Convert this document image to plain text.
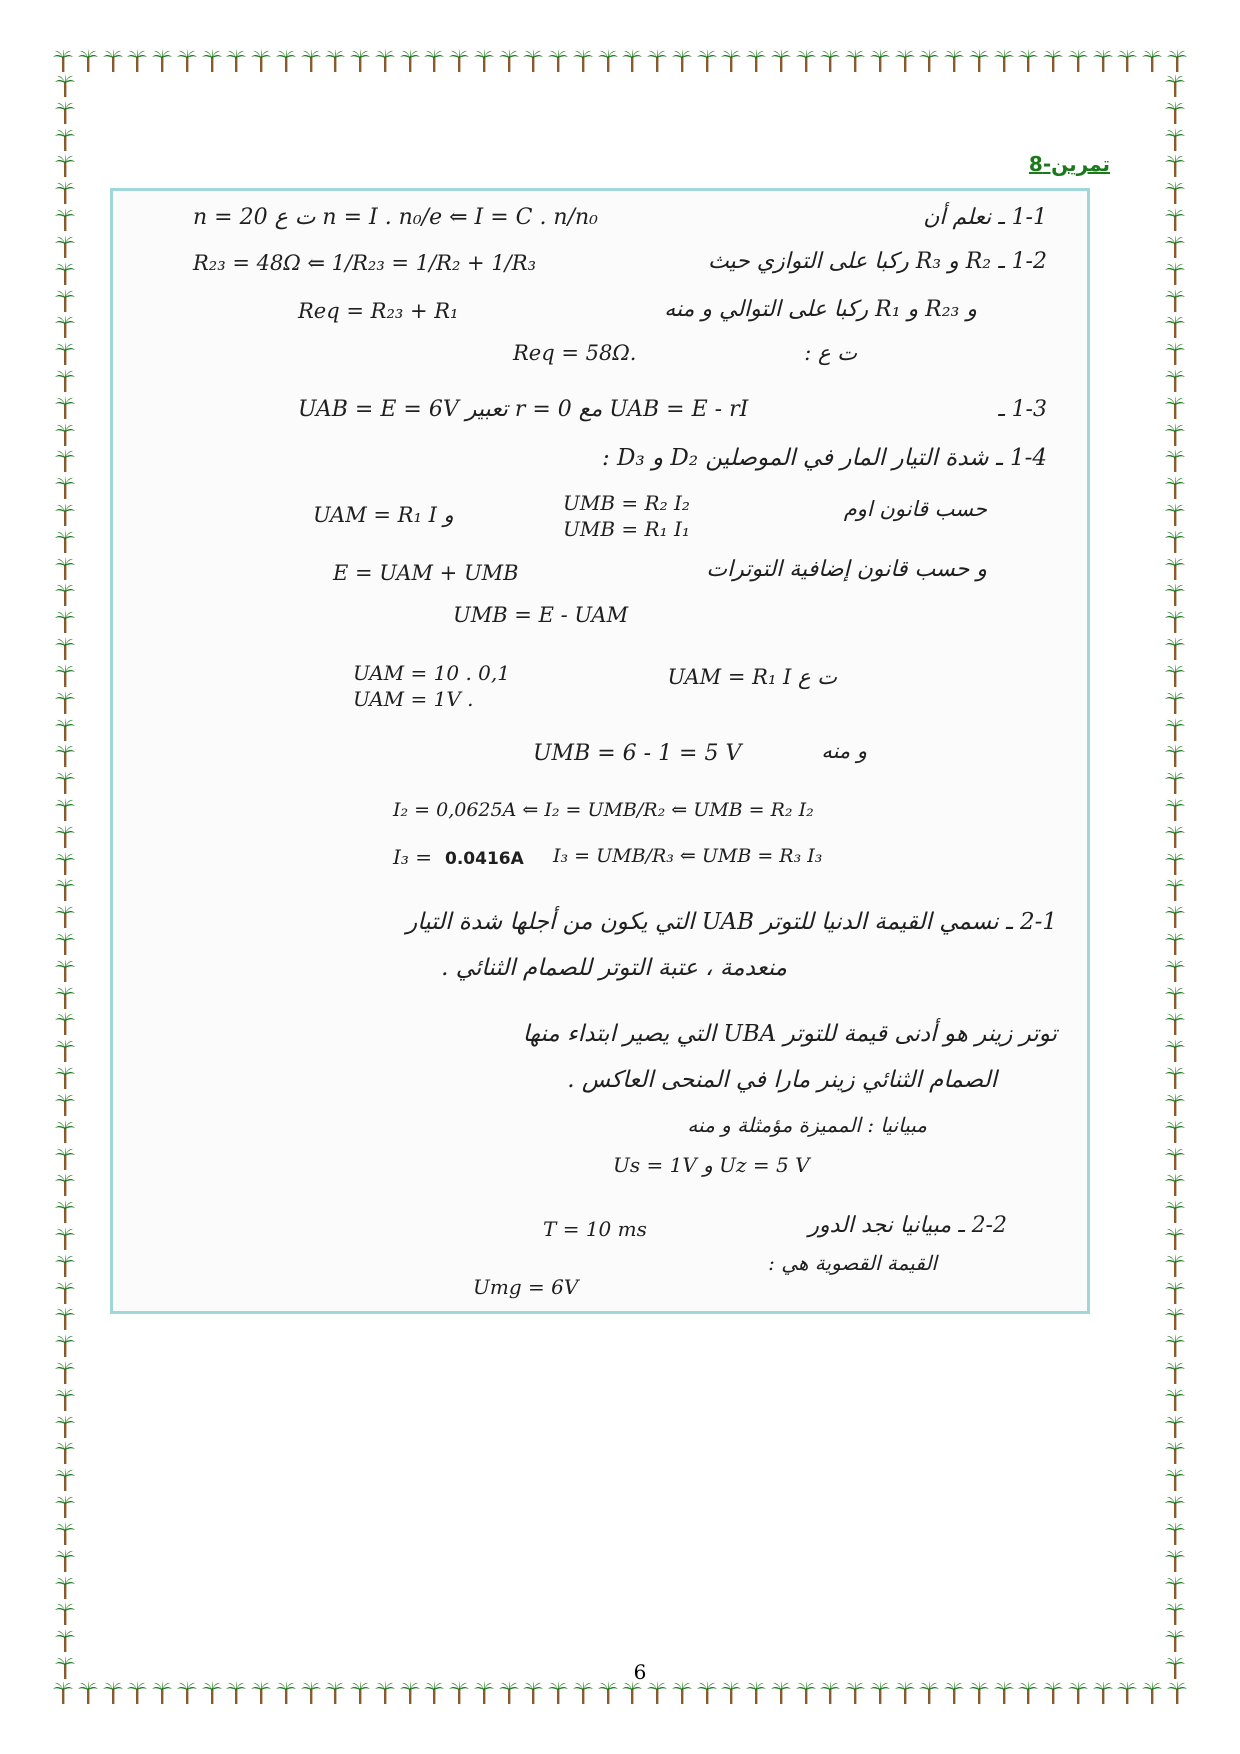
تمرين-8
1-1 ـ نعلم أن
n = 20 ت ع n = I . n₀/e ⇐ I = C . n/n₀
1-2 ـ R₂ و R₃ ركبا على التوازي حيث
R₂₃ = 48Ω ⇐ 1/R₂₃ = 1/R₂ + 1/R₃
و R₂₃ و R₁ ركبا على التوالي و منه
Req = R₂₃ + R₁
ت ع :
Req = 58Ω.
1-3 ـ
UAB = E = 6V تعبير r = 0 مع UAB = E - rI
1-4 ـ شدة التيار المار في الموصلين D₂ و D₃ :
حسب قانون اوم
UMB = R₂ I₂
UMB = R₁ I₁
UAM = R₁ I و
و حسب قانون إضافية التوترات
E = UAM + UMB
UMB = E - UAM
UAM = 10 . 0,1
UAM = 1V .
ت ع UAM = R₁ I
و منه
UMB = 6 - 1 = 5 V
I₂ = 0,0625A ⇐ I₂ = UMB/R₂ ⇐ UMB = R₂ I₂
I₃ = 0.0416A I₃ = UMB/R₃ ⇐ UMB = R₃ I₃
2-1 ـ نسمي القيمة الدنيا للتوتر UAB التي يكون من أجلها شدة التيار
منعدمة ، عتبة التوتر للصمام الثنائي .
توتر زينر هو أدنى قيمة للتوتر UBA التي يصير ابتداء منها
الصمام الثنائي زينر مارا في المنحى العاكس .
مبيانيا : المميزة مؤمثلة و منه
Us = 1V و Uz = 5 V
2-2 ـ مبيانيا نجد الدور
T = 10 ms
القيمة القصوية هي :
Umg = 6V
6
